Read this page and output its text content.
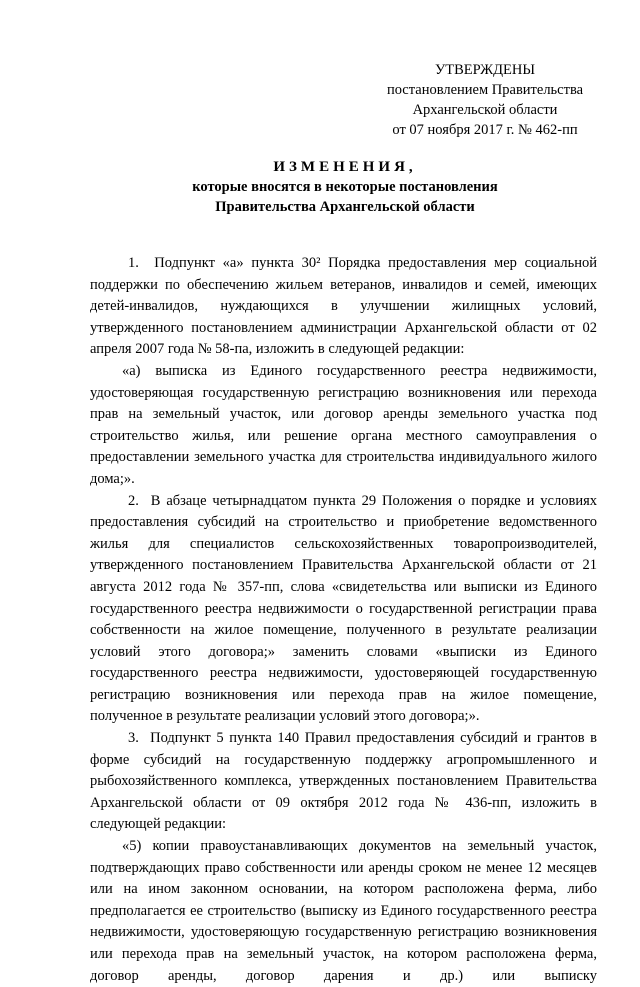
УТВЕРЖДЕНЫ
постановлением Правительства
Архангельской области
от 07 ноября 2017 г. № 462-пп
ИЗМЕНЕНИЯ,
которые вносятся в некоторые постановления
Правительства Архангельской области

1.  Подпункт «а» пункта 30² Порядка предоставления мер социальной поддержки по обеспечению жильем ветеранов, инвалидов и семей, имеющих детей-инвалидов, нуждающихся в улучшении жилищных условий, утвержденного постановлением администрации Архангельской области от 02 апреля 2007 года № 58-па, изложить в следующей редакции:

«а) выписка из Единого государственного реестра недвижимости, удостоверяющая государственную регистрацию возникновения или перехода прав на земельный участок, или договор аренды земельного участка под строительство жилья, или решение органа местного самоуправления о предоставлении земельного участка для строительства индивидуального жилого дома;».

2.  В абзаце четырнадцатом пункта 29 Положения о порядке и условиях предоставления субсидий на строительство и приобретение ведомственного жилья для специалистов сельскохозяйственных товаропроизводителей, утвержденного постановлением Правительства Архангельской области от 21 августа 2012 года № 357-пп, слова «свидетельства или выписки из Единого государственного реестра недвижимости о государственной регистрации права собственности на жилое помещение, полученного в результате реализации условий этого договора;» заменить словами «выписки из Единого государственного реестра недвижимости, удостоверяющей государственную регистрацию возникновения или перехода прав на жилое помещение, полученное в результате реализации условий этого договора;».

3.  Подпункт 5 пункта 140 Правил предоставления субсидий и грантов в форме субсидий на государственную поддержку агропромышленного и рыбохозяйственного комплекса, утвержденных постановлением Правительства Архангельской области от 09 октября 2012 года № 436-пп, изложить в следующей редакции:

«5) копии правоустанавливающих документов на земельный участок, подтверждающих право собственности или аренды сроком не менее 12 месяцев или на ином законном основании, на котором расположена ферма, либо предполагается ее строительство (выписку из Единого государственного реестра недвижимости, удостоверяющую государственную регистрацию возникновения или перехода прав на земельный участок, на котором расположена ферма, договор аренды, договор дарения и др.) или выписку
